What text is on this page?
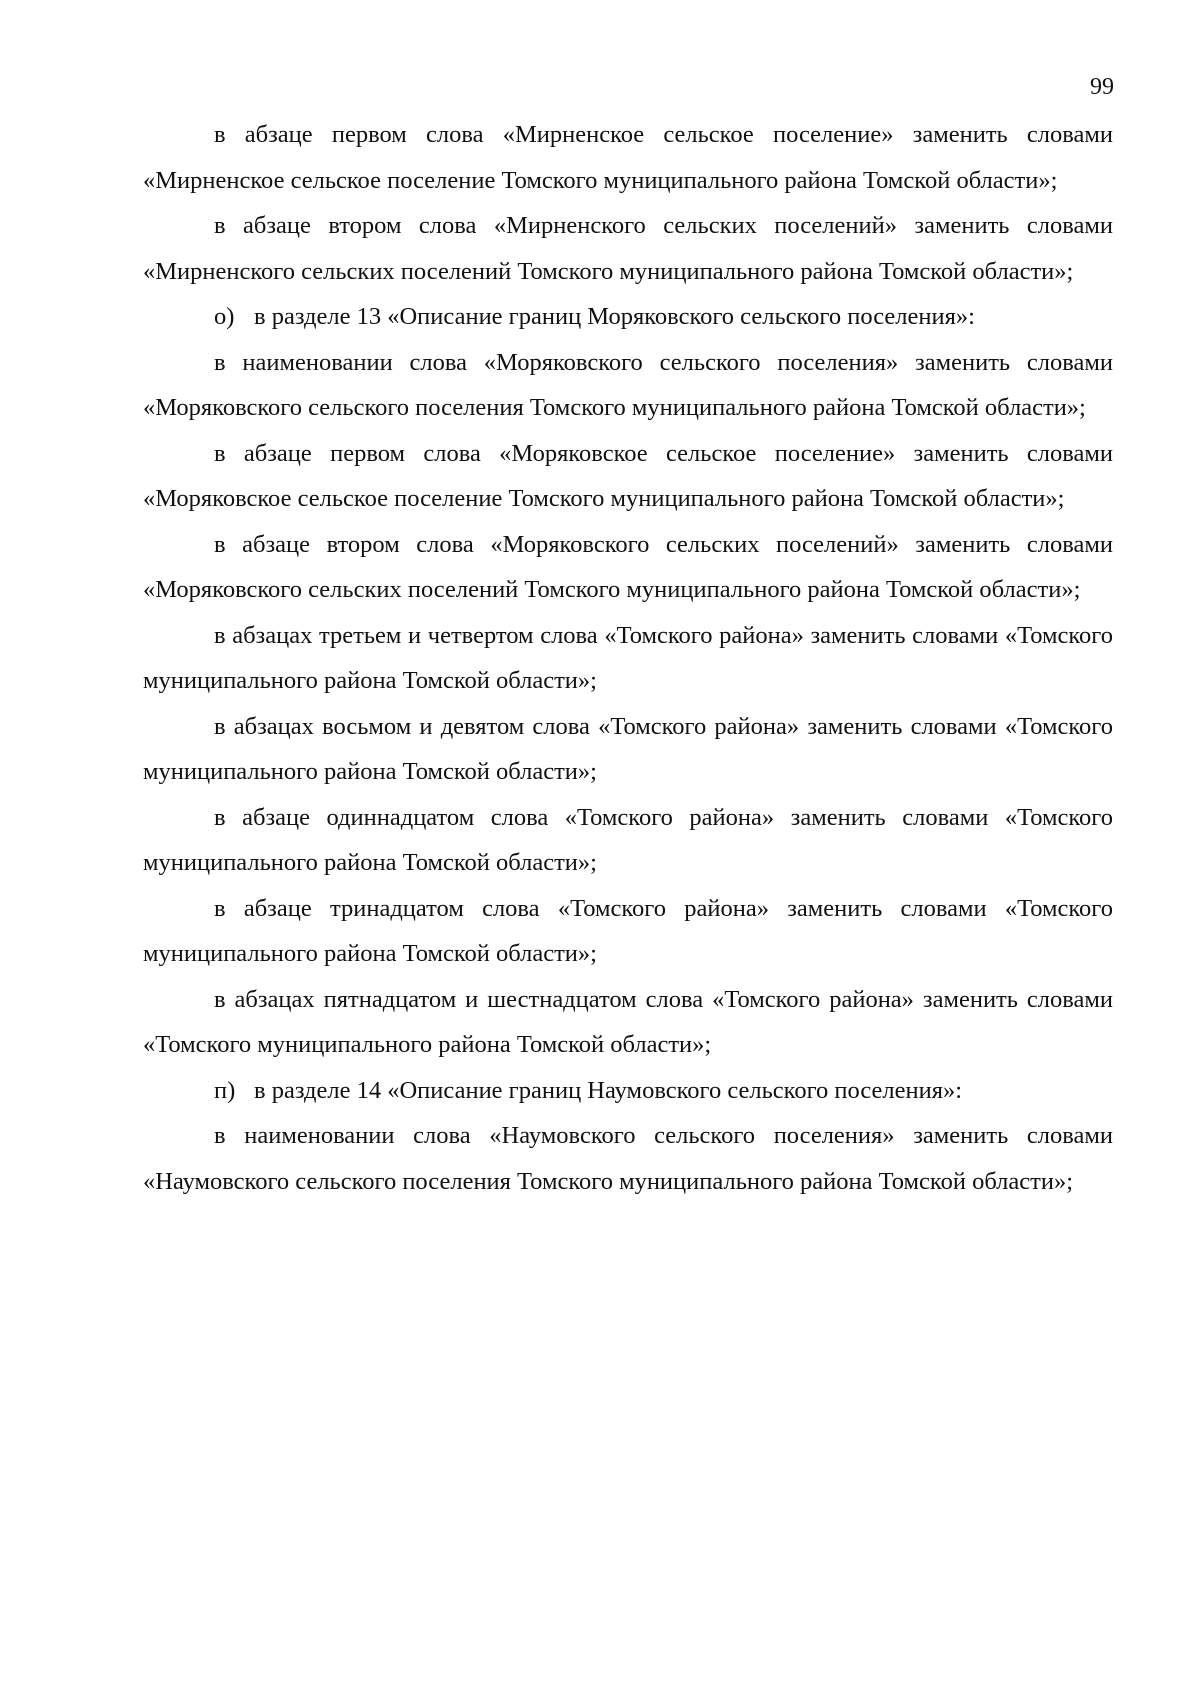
99

в абзаце первом слова «Мирненское сельское поселение» заменить словами «Мирненское сельское поселение Томского муниципального района Томской области»;

в абзаце втором слова «Мирненского сельских поселений» заменить словами «Мирненского сельских поселений Томского муниципального района Томской области»;

о) в разделе 13 «Описание границ Моряковского сельского поселения»:

в наименовании слова «Моряковского сельского поселения» заменить словами «Моряковского сельского поселения Томского муниципального района Томской области»;

в абзаце первом слова «Моряковское сельское поселение» заменить словами «Моряковское сельское поселение Томского муниципального района Томской области»;

в абзаце втором слова «Моряковского сельских поселений» заменить словами «Моряковского сельских поселений Томского муниципального района Томской области»;

в абзацах третьем и четвертом слова «Томского района» заменить словами «Томского муниципального района Томской области»;

в абзацах восьмом и девятом слова «Томского района» заменить словами «Томского муниципального района Томской области»;

в абзаце одиннадцатом слова «Томского района» заменить словами «Томского муниципального района Томской области»;

в абзаце тринадцатом слова «Томского района» заменить словами «Томского муниципального района Томской области»;

в абзацах пятнадцатом и шестнадцатом слова «Томского района» заменить словами «Томского муниципального района Томской области»;

п) в разделе 14 «Описание границ Наумовского сельского поселения»:

в наименовании слова «Наумовского сельского поселения» заменить словами «Наумовского сельского поселения Томского муниципального района Томской области»;
